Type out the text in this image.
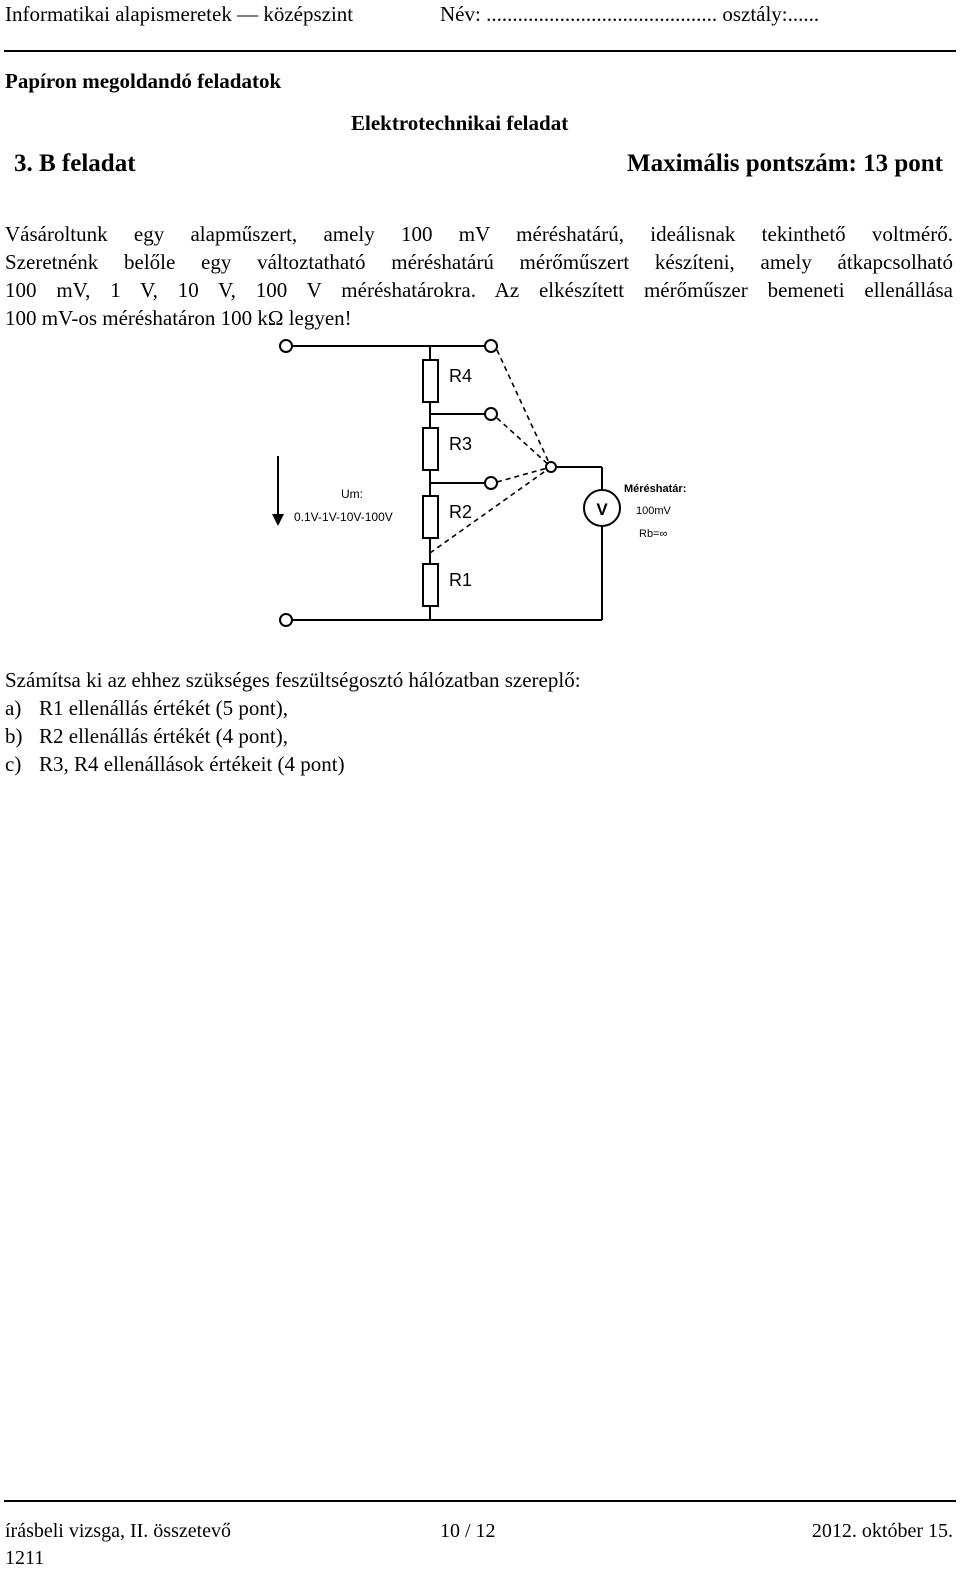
Informatikai alapismeretek — középszint	Név: ............................................ osztály:......
Papíron megoldandó feladatok
Elektrotechnikai feladat
3. B feladat	Maximális pontszám: 13 pont
Vásároltunk egy alapműszert, amely 100 mV méréshatárú, ideálisnak tekinthető voltmérő.
Szeretnénk belőle egy változtatható méréshatárú mérőműszert készíteni, amely átkapcsolható
100 mV, 1 V, 10 V, 100 V méréshatárokra. Az elkészített mérőműszer bemeneti ellenállása
100 mV-os méréshatáron 100 kΩ legyen!
R4
R3
R2
R1
Um:
0.1V-1V-10V-100V	V
Méréshatár:
100mV
Rb=∞
Számítsa ki az ehhez szükséges feszültségosztó hálózatban szereplő:
a) R1 ellenállás értékét (5 pont),
b) R2 ellenállás értékét (4 pont),
c) R3, R4 ellenállások értékeit (4 pont)
írásbeli vizsga, II. összetevő
1211
10 / 12	2012. október 15.
